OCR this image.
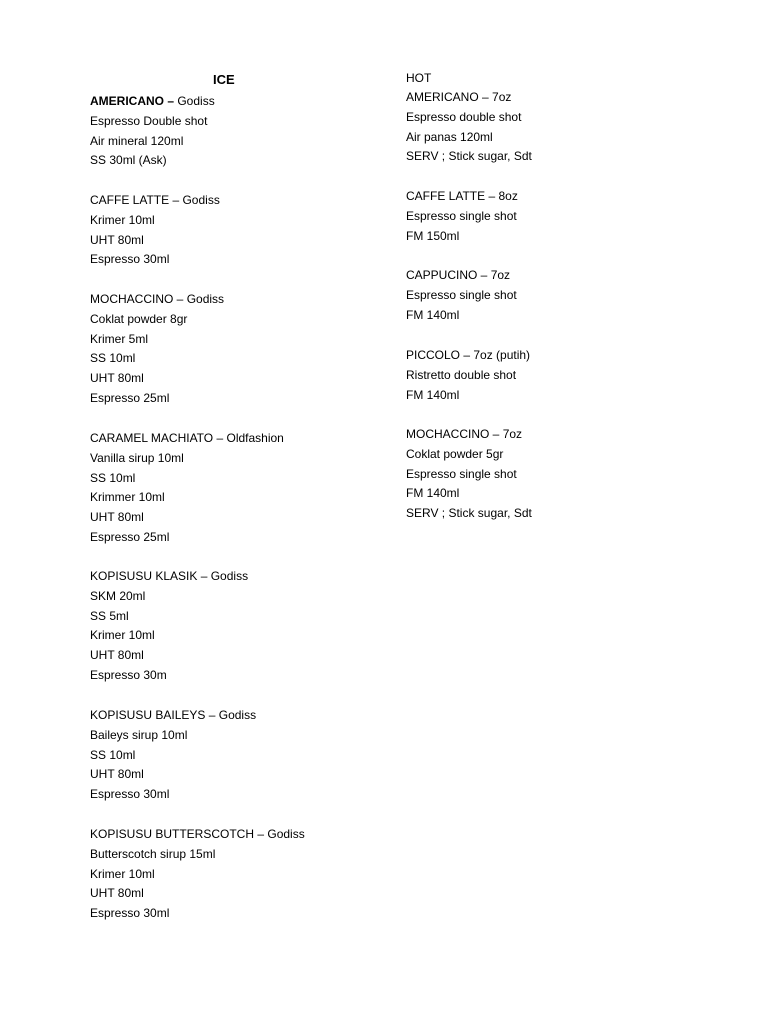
ICE
AMERICANO – Godiss
Espresso Double shot
Air mineral 120ml
SS 30ml (Ask)
CAFFE LATTE – Godiss
Krimer 10ml
UHT 80ml
Espresso 30ml
MOCHACCINO – Godiss
Coklat powder 8gr
Krimer 5ml
SS 10ml
UHT 80ml
Espresso 25ml
CARAMEL MACHIATO – Oldfashion
Vanilla sirup 10ml
SS 10ml
Krimmer 10ml
UHT 80ml
Espresso 25ml
KOPISUSU KLASIK – Godiss
SKM 20ml
SS 5ml
Krimer 10ml
UHT 80ml
Espresso 30m
KOPISUSU BAILEYS – Godiss
Baileys sirup 10ml
SS 10ml
UHT 80ml
Espresso 30ml
KOPISUSU BUTTERSCOTCH – Godiss
Butterscotch sirup 15ml
Krimer 10ml
UHT 80ml
Espresso 30ml
HOT
AMERICANO – 7oz
Espresso double shot
Air panas 120ml
SERV ; Stick sugar, Sdt
CAFFE LATTE – 8oz
Espresso single shot
FM 150ml
CAPPUCINO – 7oz
Espresso single shot
FM 140ml
PICCOLO – 7oz (putih)
Ristretto double shot
FM 140ml
MOCHACCINO – 7oz
Coklat powder 5gr
Espresso single shot
FM 140ml
SERV ; Stick sugar, Sdt
